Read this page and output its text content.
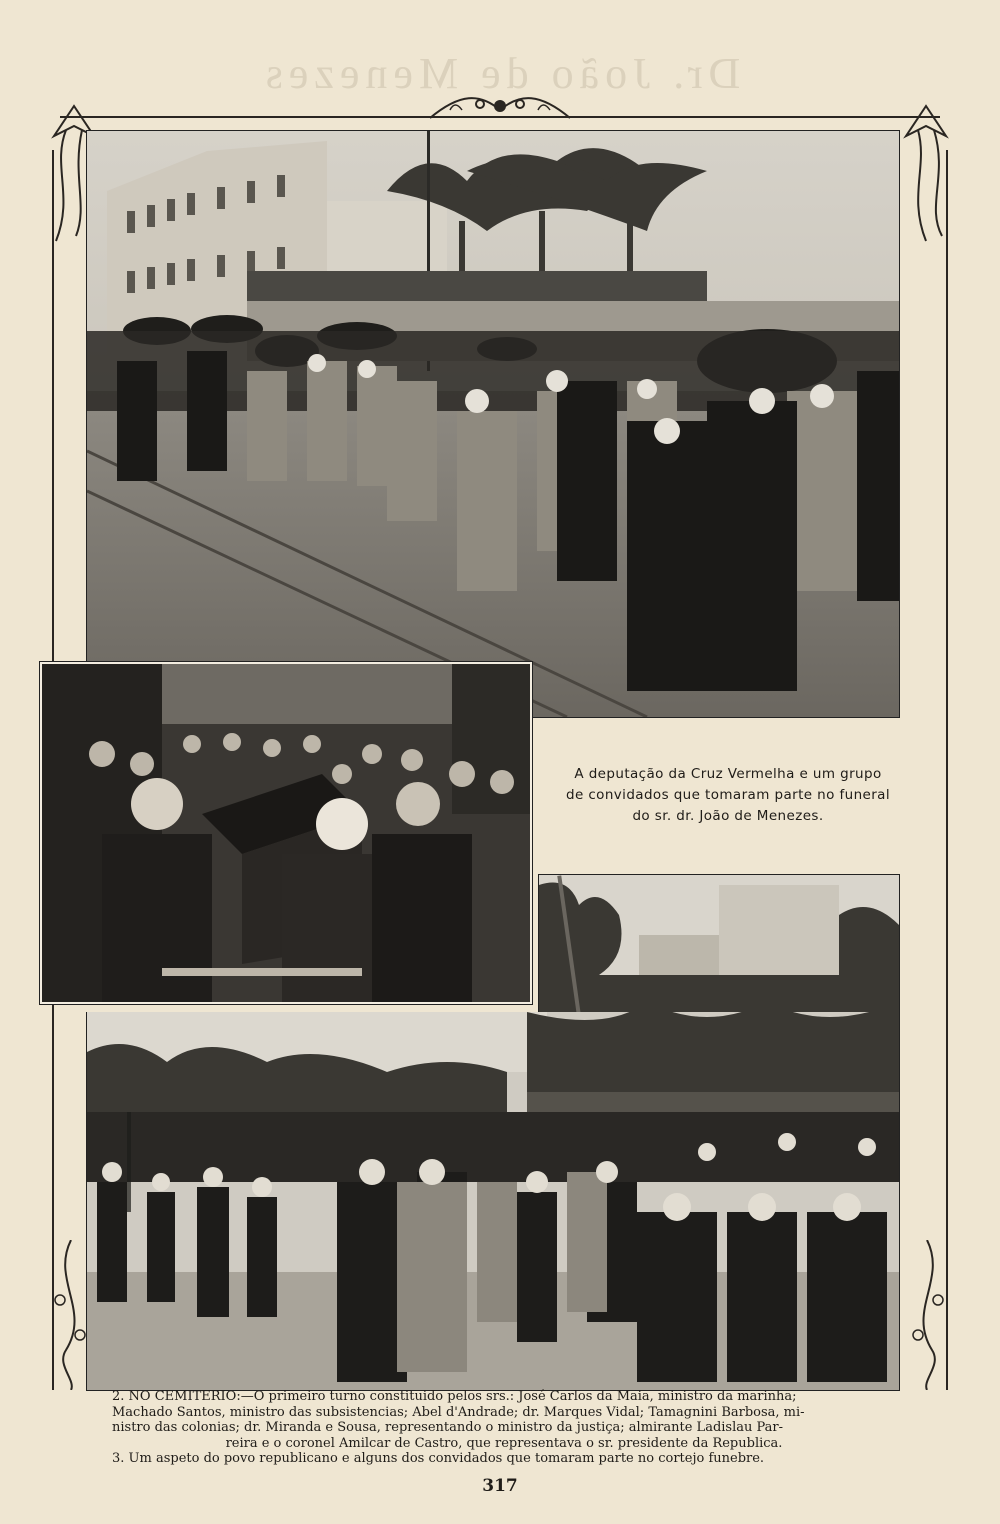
Dr. João de Menezes
A deputação da Cruz Vermelha e um grupo
de convidados que tomaram parte no funeral
do sr. dr. João de Menezes.

2. NO CEMITERIO:—O primeiro turno constituido pelos srs.: José Carlos da Maia, ministro da marinha;

Machado Santos, ministro das subsistencias; Abel d'Andrade; dr. Marques Vidal; Tamagnini Barbosa, mi-

nistro das colonias; dr. Miranda e Sousa, representando o ministro da justiça; almirante Ladislau Par-

reira e o coronel Amilcar de Castro, que representava o sr. presidente da Republica.

3. Um aspeto do povo republicano e alguns dos convidados que tomaram parte no cortejo funebre.

317
